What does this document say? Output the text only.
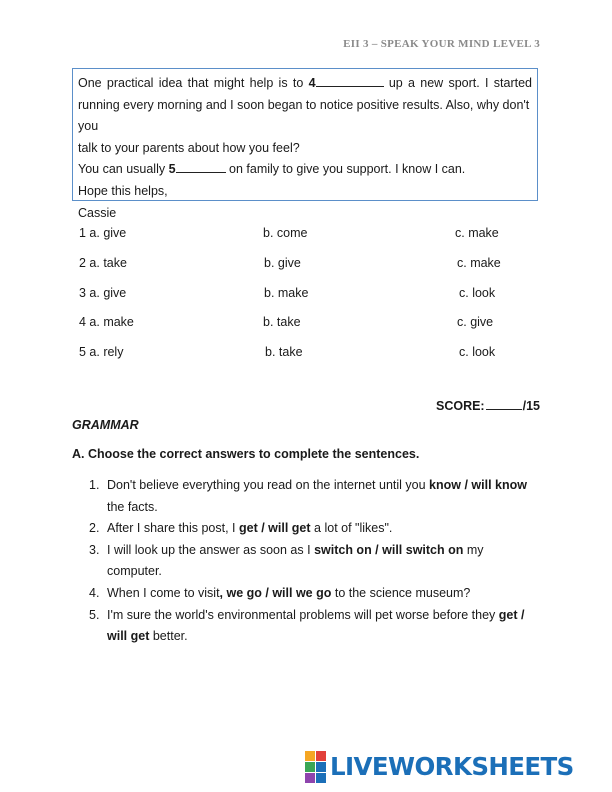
EII 3 – SPEAK YOUR MIND LEVEL 3

One practical idea that might help is to 4	up a new sport. I started

running every morning and I soon began to notice positive results. Also, why don't you

talk to your parents about how you feel?

You can usually 5	on family to give you support. I know I can.

Hope this helps,

Cassie

1 a. give	b. come	c. make
2 a. take	b. give	c. make
3 a. give	b. make	c. look
4 a. make	b. take	c. give
5 a. rely	b. take	c. look
SCORE:	/15
GRAMMAR
A. Choose the correct answers to complete the sentences.
1. Don't believe everything you read on the internet until you know / will know the facts.
2. After I share this post, I get / will get a lot of "likes".
3. I will look up the answer as soon as I switch on / will switch on my computer.
4. When I come to visit, we go / will we go to the science museum?
5. I'm sure the world's environmental problems will pet worse before they get / will get better.
LIVEWORKSHEETS
